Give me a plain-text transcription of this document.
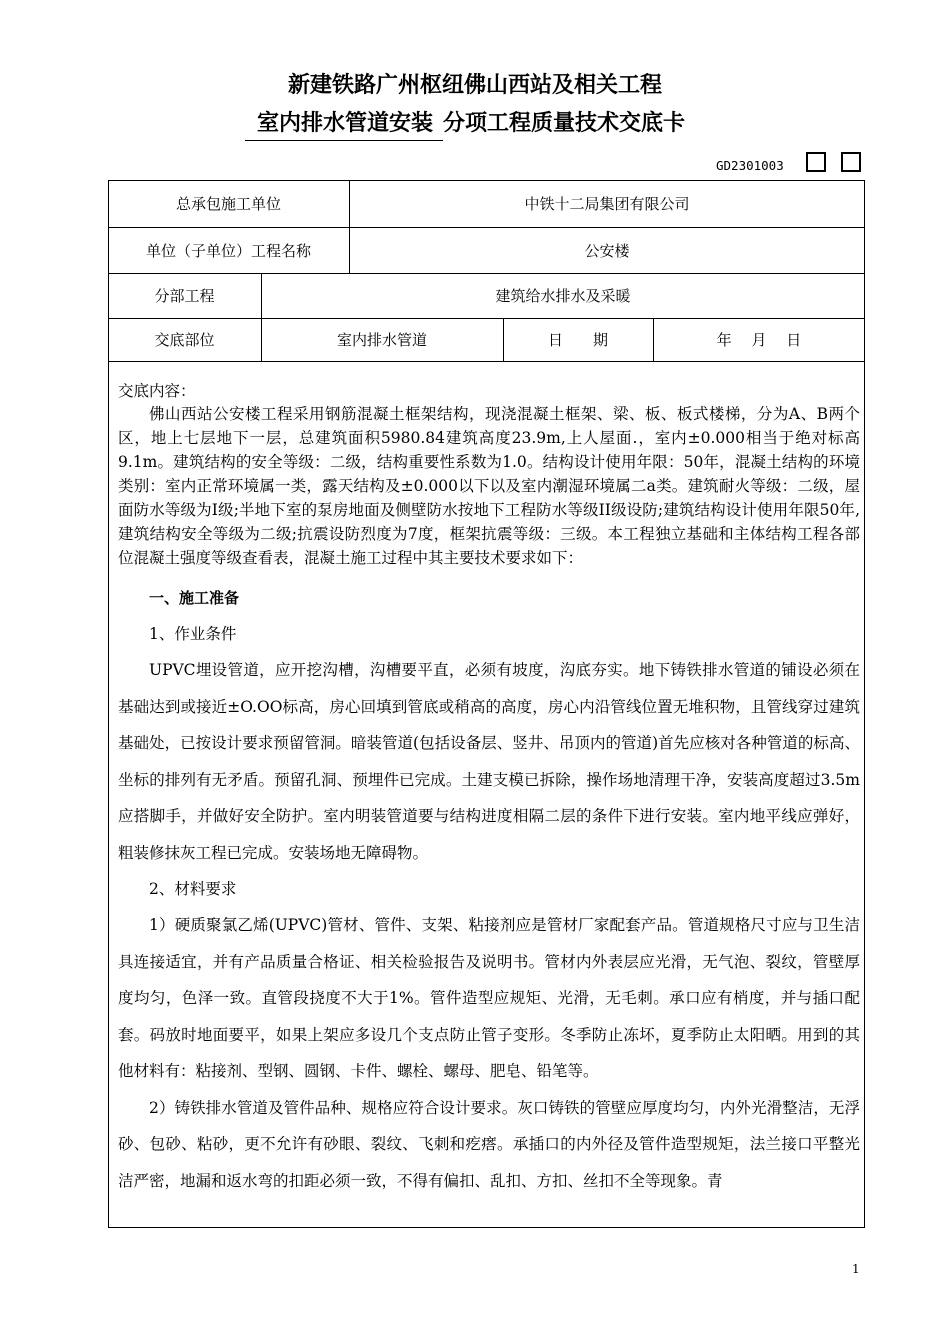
新建铁路广州枢纽佛山西站及相关工程
室内排水管道安装 分项工程质量技术交底卡
GD2301003
总承包施工单位	中铁十二局集团有限公司
单位（子单位）工程名称	公安楼
分部工程	建筑给水排水及采暖
交底部位	室内排水管道	日　　期	年　 月　 日

交底内容：

佛山西站公安楼工程采用钢筋混凝土框架结构，现浇混凝土框架、梁、板、板式楼梯，分为A、B两个区，地上七层地下一层，总建筑面积5980.84建筑高度23.9m,上人屋面.，室内±0.000相当于绝对标高9.1m。建筑结构的安全等级：二级，结构重要性系数为1.0。结构设计使用年限：50年，混凝土结构的环境类别：室内正常环境属一类，露天结构及±0.000以下以及室内潮湿环境属二a类。建筑耐火等级：二级，屋面防水等级为Ⅰ级;半地下室的泵房地面及侧壁防水按地下工程防水等级II级设防;建筑结构设计使用年限50年,建筑结构安全等级为二级;抗震设防烈度为7度，框架抗震等级：三级。本工程独立基础和主体结构工程各部位混凝土强度等级查看表，混凝土施工过程中其主要技术要求如下：

一、施工准备

1、作业条件

UPVC埋设管道，应开挖沟槽，沟槽要平直，必须有坡度，沟底夯实。地下铸铁排水管道的铺设必须在基础达到或接近±O.OO标高，房心回填到管底或稍高的高度，房心内沿管线位置无堆积物，且管线穿过建筑基础处，已按设计要求预留管洞。暗装管道(包括设备层、竖井、吊顶内的管道)首先应核对各种管道的标高、坐标的排列有无矛盾。预留孔洞、预埋件已完成。土建支模已拆除，操作场地清理干净，安装高度超过3.5m应搭脚手，并做好安全防护。室内明装管道要与结构进度相隔二层的条件下进行安装。室内地平线应弹好，粗装修抹灰工程已完成。安装场地无障碍物。

2、材料要求

1）硬质聚氯乙烯(UPVC)管材、管件、支架、粘接剂应是管材厂家配套产品。管道规格尺寸应与卫生洁具连接适宜，并有产品质量合格证、相关检验报告及说明书。管材内外表层应光滑，无气泡、裂纹，管壁厚度均匀，色泽一致。直管段挠度不大于1%。管件造型应规矩、光滑，无毛刺。承口应有梢度，并与插口配套。码放时地面要平，如果上架应多设几个支点防止管子变形。冬季防止冻坏，夏季防止太阳晒。用到的其他材料有：粘接剂、型钢、圆钢、卡件、螺栓、螺母、肥皂、铅笔等。

2）铸铁排水管道及管件品种、规格应符合设计要求。灰口铸铁的管壁应厚度均匀，内外光滑整洁，无浮砂、包砂、粘砂，更不允许有砂眼、裂纹、飞刺和疙瘩。承插口的内外径及管件造型规矩，法兰接口平整光洁严密，地漏和返水弯的扣距必须一致，不得有偏扣、乱扣、方扣、丝扣不全等现象。青

1
